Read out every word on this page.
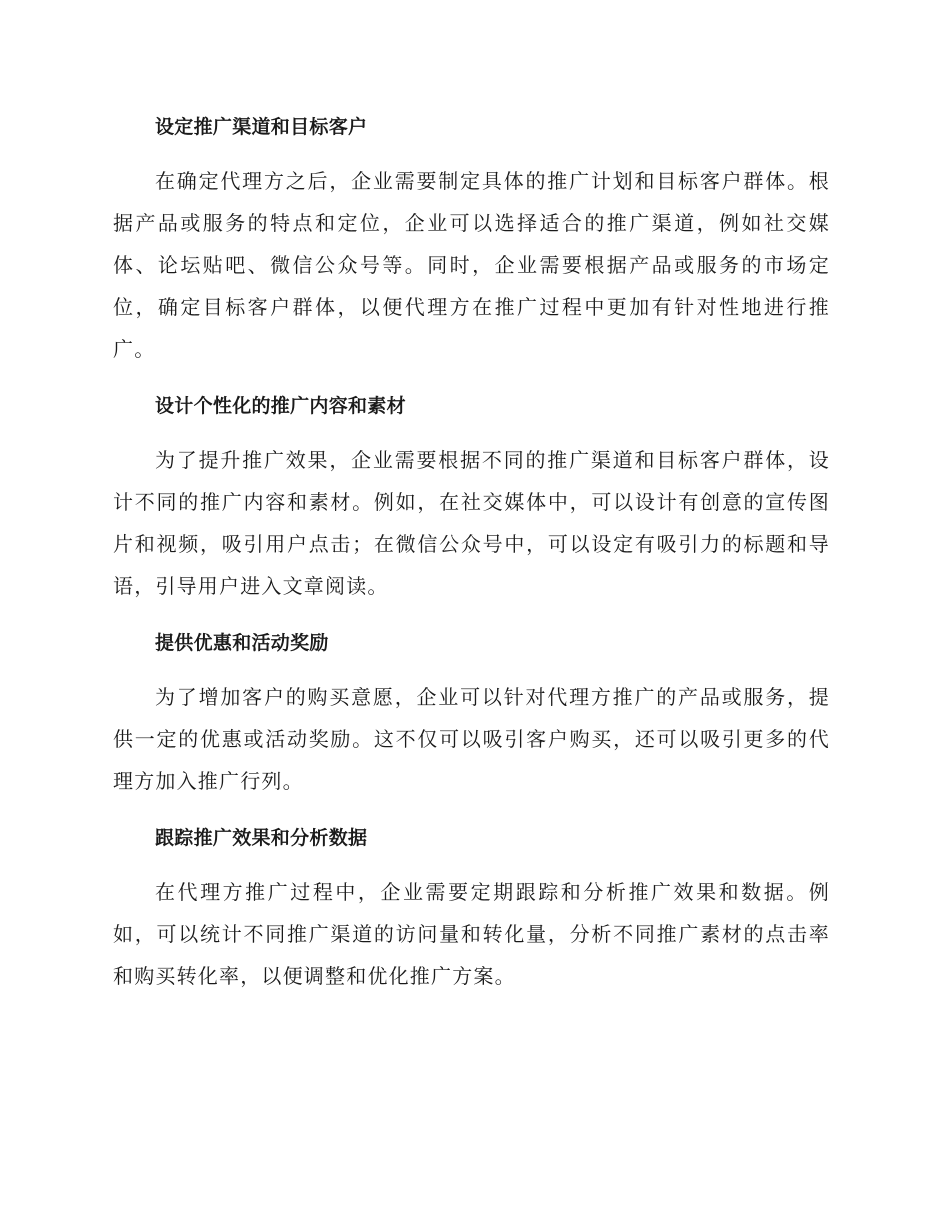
设定推广渠道和目标客户

在确定代理方之后，企业需要制定具体的推广计划和目标客户群体。根据产品或服务的特点和定位，企业可以选择适合的推广渠道，例如社交媒体、论坛贴吧、微信公众号等。同时，企业需要根据产品或服务的市场定位，确定目标客户群体，以便代理方在推广过程中更加有针对性地进行推广。

设计个性化的推广内容和素材

为了提升推广效果，企业需要根据不同的推广渠道和目标客户群体，设计不同的推广内容和素材。例如，在社交媒体中，可以设计有创意的宣传图片和视频，吸引用户点击；在微信公众号中，可以设定有吸引力的标题和导语，引导用户进入文章阅读。

提供优惠和活动奖励

为了增加客户的购买意愿，企业可以针对代理方推广的产品或服务，提供一定的优惠或活动奖励。这不仅可以吸引客户购买，还可以吸引更多的代理方加入推广行列。

跟踪推广效果和分析数据

在代理方推广过程中，企业需要定期跟踪和分析推广效果和数据。例如，可以统计不同推广渠道的访问量和转化量，分析不同推广素材的点击率和购买转化率，以便调整和优化推广方案。
